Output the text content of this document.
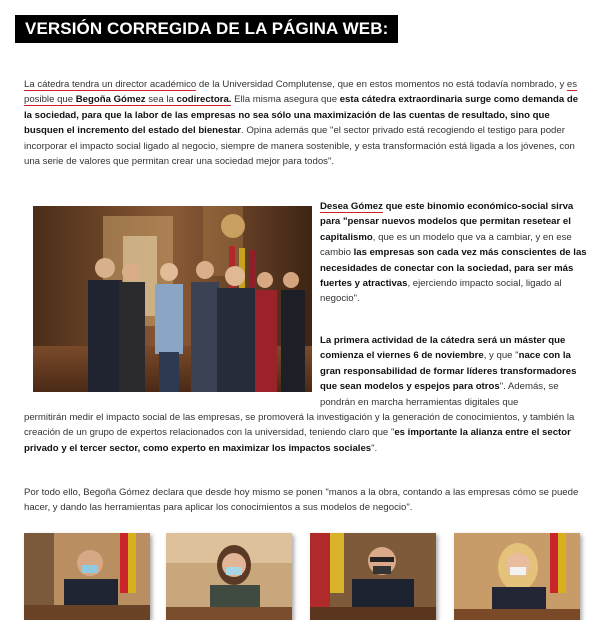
VERSIÓN CORREGIDA DE LA PÁGINA WEB:
La cátedra tendra un director académico de la Universidad Complutense, que en estos momentos no está todavía nombrado, y es posible que Begoña Gómez sea la codirectora. Ella misma asegura que esta cátedra extraordinaria surge como demanda de la sociedad, para que la labor de las empresas no sea sólo una maximización de las cuentas de resultado, sino que busquen el incremento del estado del bienestar. Opina además que "el sector privado está recogiendo el testigo para poder incorporar el impacto social ligado al negocio, siempre de manera sostenible, y esta transformación está ligada a los jóvenes, con una serie de valores que permitan crear una sociedad mejor para todos".
Desea Gómez que este binomio económico-social sirva para "pensar nuevos modelos que permitan resetear el capitalismo, que es un modelo que va a cambiar, y en ese cambio las empresas son cada vez más conscientes de las necesidades de conectar con la sociedad, para ser más fuertes y atractivas, ejerciendo impacto social, ligado al negocio".
La primera actividad de la cátedra será un máster que comienza el viernes 6 de noviembre, y que "nace con la gran responsabilidad de formar líderes transformadores que sean modelos y espejos para otros". Además, se pondrán en marcha herramientas digitales que
permitirán medir el impacto social de las empresas, se promoverá la investigación y la generación de conocimientos, y también la creación de un grupo de expertos relacionados con la universidad, teniendo claro que "es importante la alianza entre el sector privado y el tercer sector, como experto en maximizar los impactos sociales".
Por todo ello, Begoña Gómez declara que desde hoy mismo se ponen "manos a la obra, contando a las empresas cómo se puede hacer, y dando las herramientas para aplicar los conocimientos a sus modelos de negocio".
